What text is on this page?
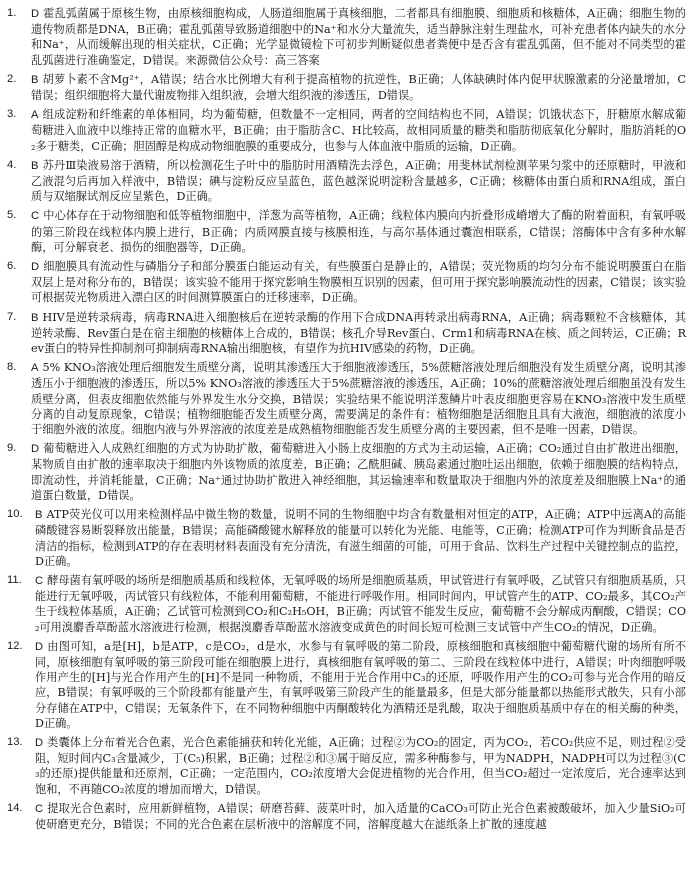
1. D 霍乱弧菌属于原核生物，由原核细胞构成，人肠道细胞属于真核细胞，二者都具有细胞膜、细胞质和核糖体，A正确；细胞生物的遗传物质都是DNA，B正确；霍乱弧菌导致肠道细胞中的Na⁺和水分大量流失，适当静脉注射生理盐水，可补充患者体内缺失的水分和Na⁺，从而缓解出现的相关症状，C正确；光学显微镜检下可初步判断疑似患者粪便中是否含有霍乱弧菌，但不能对不同类型的霍乱弧菌进行准确鉴定，D错误。来源微信公众号：高三答案
2. B 胡萝卜素不含Mg²⁺，A错误；结合水比例增大有利于提高植物的抗逆性，B正确；人体缺碘时体内促甲状腺激素的分泌量增加，C错误；组织细胞将大量代谢废物排入组织液，会增大组织液的渗透压，D错误。
3. A 组成淀粉和纤维素的单体相同，均为葡萄糖，但数量不一定相同，两者的空间结构也不同，A错误；饥饿状态下，肝糖原水解成葡萄糖进入血液中以维持正常的血糖水平，B正确；由于脂肪含C、H比较高，故相同质量的糖类和脂肪彻底氧化分解时，脂肪消耗的O₂多于糖类，C正确；胆固醇是构成动物细胞膜的重要成分，也参与人体血液中脂质的运输，D正确。
4. B 苏丹Ⅲ染液易溶于酒精，所以检测花生子叶中的脂肪时用酒精洗去浮色，A正确；用斐林试剂检测苹果匀浆中的还原糖时，甲液和乙液混匀后再加入样液中，B错误；碘与淀粉反应呈蓝色，蓝色越深说明淀粉含量越多，C正确；核糖体由蛋白质和RNA组成，蛋白质与双缩脲试剂反应呈紫色，D正确。
5. C 中心体存在于动物细胞和低等植物细胞中，洋葱为高等植物，A正确；线粒体内膜向内折叠形成嵴增大了酶的附着面积，有氧呼吸的第三阶段在线粒体内膜上进行，B正确；内质网膜直接与核膜相连，与高尔基体通过囊泡相联系，C错误；溶酶体中含有多种水解酶，可分解衰老、损伤的细胞器等，D正确。
6. D 细胞膜具有流动性与磷脂分子和部分膜蛋白能运动有关，有些膜蛋白是静止的，A错误；荧光物质的均匀分布不能说明膜蛋白在脂双层上是对称分布的，B错误；该实验不能用于探究影响生物膜相互识别的因素，但可用于探究影响膜流动性的因素，C错误；该实验可根据荧光物质进入漂白区的时间测算膜蛋白的迁移速率，D正确。
7. B HIV是逆转录病毒，病毒RNA进入细胞核后在逆转录酶的作用下合成DNA再转录出病毒RNA，A正确；病毒颗粒不含核糖体，其逆转录酶、Rev蛋白是在宿主细胞的核糖体上合成的，B错误；核孔介导Rev蛋白、Crm1和病毒RNA在核、质之间转运，C正确；Rev蛋白的特异性抑制剂可抑制病毒RNA输出细胞核，有望作为抗HIV感染的药物，D正确。
8. A 5% KNO₃溶液处理后细胞发生质壁分离，说明其渗透压大于细胞液渗透压，5%蔗糖溶液处理后细胞没有发生质壁分离，说明其渗透压小于细胞液的渗透压，所以5% KNO₃溶液的渗透压大于5%蔗糖溶液的渗透压，A正确；10%的蔗糖溶液处理后细胞虽没有发生质壁分离，但表皮细胞依然能与外界发生水分交换，B错误；实验结果不能说明洋葱鳞片叶表皮细胞更容易在KNO₃溶液中发生质壁分离的自动复原现象，C错误；植物细胞能否发生质壁分离，需要满足的条件有：植物细胞是活细胞且具有大液泡，细胞液的浓度小于细胞外液的浓度。细胞内液与外界溶液的浓度差是成熟植物细胞能否发生质壁分离的主要因素，但不是唯一因素，D错误。
9. D 葡萄糖进入人成熟红细胞的方式为协助扩散，葡萄糖进入小肠上皮细胞的方式为主动运输，A正确；CO₂通过自由扩散进出细胞，某物质自由扩散的速率取决于细胞内外该物质的浓度差，B正确；乙酰胆碱、胰岛素通过胞吐运出细胞，依赖于细胞膜的结构特点，即流动性，并消耗能量，C正确；Na⁺通过协助扩散进入神经细胞，其运输速率和数量取决于细胞内外的浓度差及细胞膜上Na⁺的通道蛋白数量，D错误。
10. B ATP荧光仪可以用来检测样品中微生物的数量，说明不同的生物细胞中均含有数量相对恒定的ATP，A正确；ATP中远离A的高能磷酸键容易断裂释放出能量，B错误；高能磷酸键水解释放的能量可以转化为光能、电能等，C正确；检测ATP可作为判断食品是否清洁的指标，检测到ATP的存在表明材料表面没有充分清洗，有滋生细菌的可能，可用于食品、饮料生产过程中关键控制点的监控，D正确。
11. C 酵母菌有氧呼吸的场所是细胞质基质和线粒体，无氧呼吸的场所是细胞质基质，甲试管进行有氧呼吸，乙试管只有细胞质基质，只能进行无氧呼吸，丙试管只有线粒体，不能利用葡萄糖，不能进行呼吸作用。相同时间内，甲试管产生的ATP、CO₂最多，其CO₂产生于线粒体基质，A正确；乙试管可检测到CO₂和C₂H₅OH，B正确；丙试管不能发生反应，葡萄糖不会分解成丙酮酸，C错误；CO₂可用溴麝香草酚蓝水溶液进行检测，根据溴麝香草酚蓝水溶液变成黄色的时间长短可检测三支试管中产生CO₂的情况，D正确。
12. D 由图可知，a是[H]，b是ATP，c是CO₂，d是水，水参与有氧呼吸的第二阶段，原核细胞和真核细胞中葡萄糖代谢的场所有所不同，原核细胞有氧呼吸的第三阶段可能在细胞膜上进行，真核细胞有氧呼吸的第二、三阶段在线粒体中进行，A错误；叶肉细胞呼吸作用产生的[H]与光合作用产生的[H]不是同一种物质，不能用于光合作用中C₃的还原，呼吸作用产生的CO₂可参与光合作用的暗反应，B错误；有氧呼吸的三个阶段都有能量产生，有氧呼吸第三阶段产生的能量最多，但是大部分能量都以热能形式散失，只有小部分存储在ATP中，C错误；无氧条件下，在不同物种细胞中丙酮酸转化为酒精还是乳酸，取决于细胞质基质中存在的相关酶的种类，D正确。
13. D 类囊体上分布着光合色素，光合色素能捕获和转化光能，A正确；过程②为CO₂的固定，丙为CO₂，若CO₂供应不足，则过程②受阻，短时间内C₃含量减少，丁(C₅)积累，B正确；过程②和③属于暗反应，需多种酶参与，甲为NADPH，NADPH可以为过程③(C₃的还原)提供能量和还原剂，C正确；一定范围内，CO₂浓度增大会促进植物的光合作用，但当CO₂超过一定浓度后，光合速率达到饱和，不再随CO₂浓度的增加而增大，D错误。
14. C 提取光合色素时，应用新鲜植物，A错误；研磨苔藓、菠菜叶时，加入适量的CaCO₃可防止光合色素被酸破坏，加入少量SiO₂可使研磨更充分，B错误；不同的光合色素在层析液中的溶解度不同，溶解度越大在滤纸条上扩散的速度越
